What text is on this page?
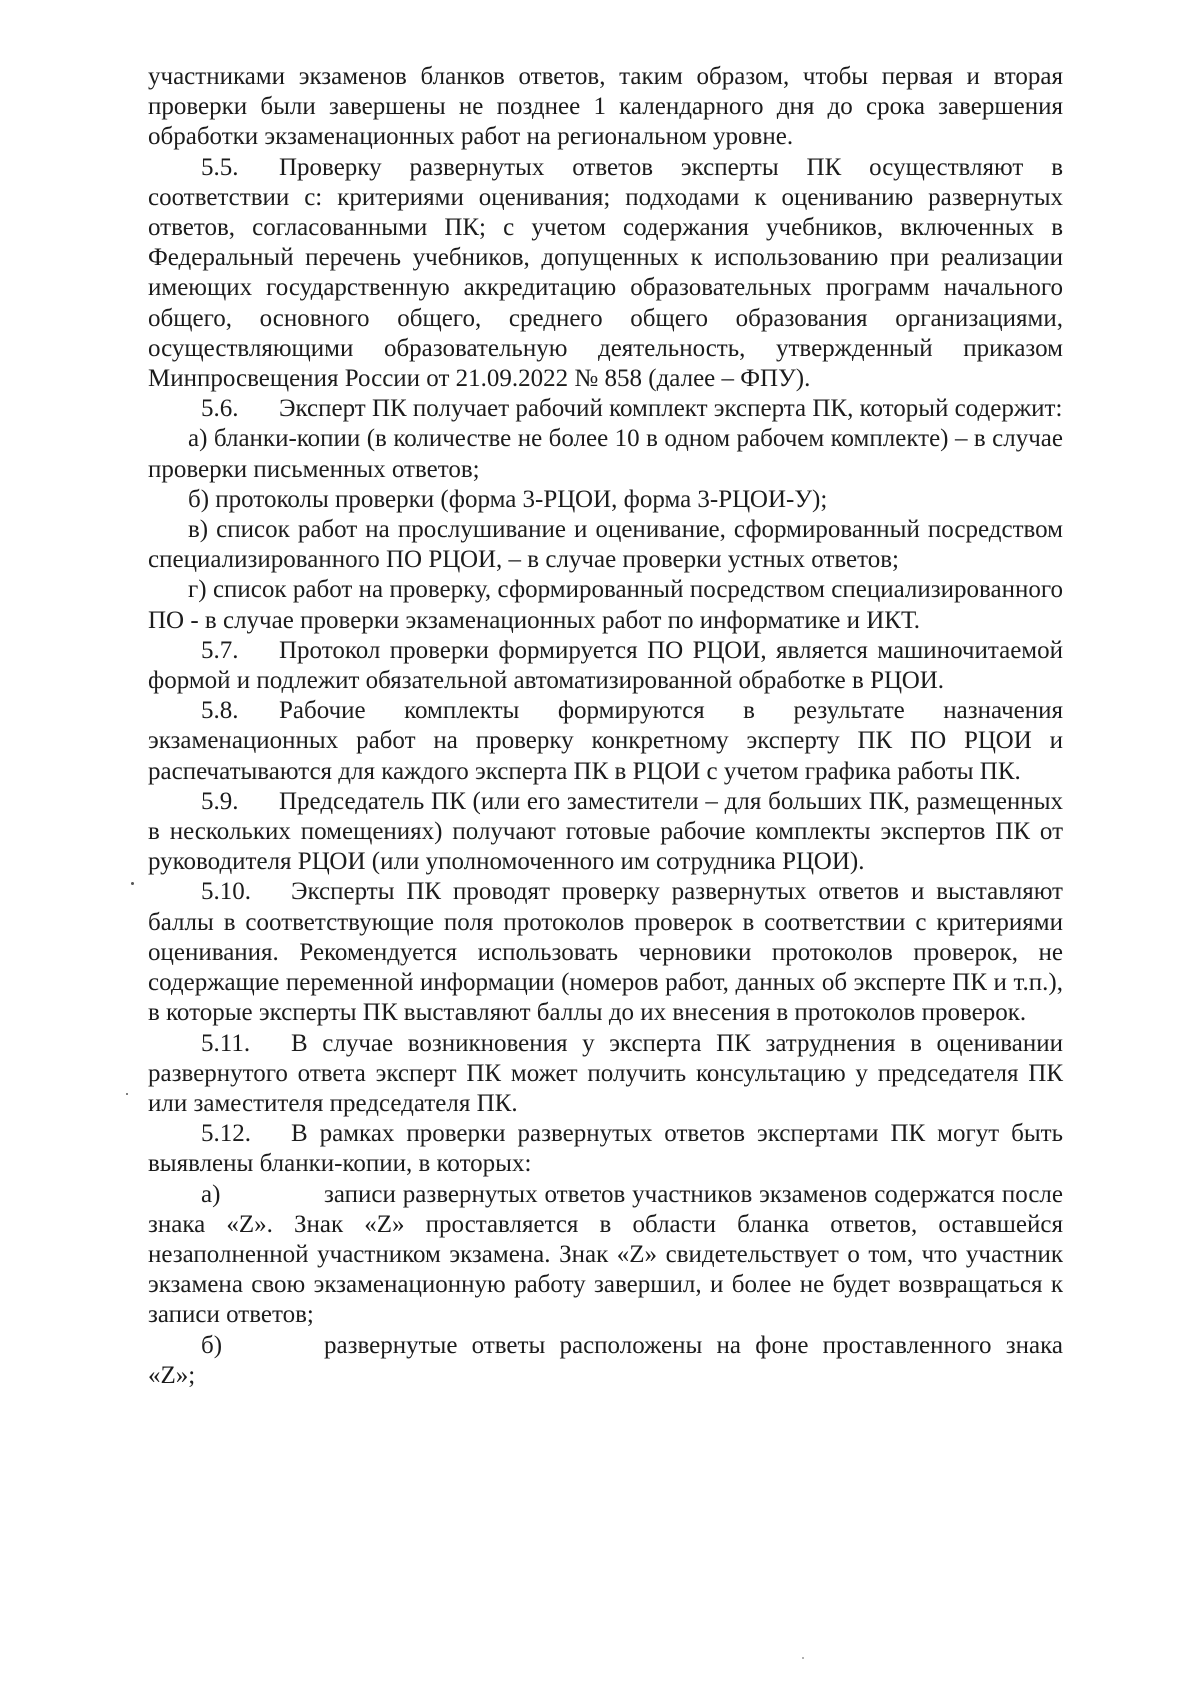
участниками экзаменов бланков ответов, таким образом, чтобы первая и вторая проверки были завершены не позднее 1 календарного дня до срока завершения обработки экзаменационных работ на региональном уровне.

5.5. Проверку развернутых ответов эксперты ПК осуществляют в соответствии с: критериями оценивания; подходами к оцениванию развернутых ответов, согласованными ПК; с учетом содержания учебников, включенных в Федеральный перечень учебников, допущенных к использованию при реализации имеющих государственную аккредитацию образовательных программ начального общего, основного общего, среднего общего образования организациями, осуществляющими образовательную деятельность, утвержденный приказом Минпросвещения России от 21.09.2022 № 858 (далее – ФПУ).

5.6. Эксперт ПК получает рабочий комплект эксперта ПК, который содержит:

а) бланки-копии (в количестве не более 10 в одном рабочем комплекте) – в случае проверки письменных ответов;

б) протоколы проверки (форма 3-РЦОИ, форма 3-РЦОИ-У);

в) список работ на прослушивание и оценивание, сформированный посредством специализированного ПО РЦОИ, – в случае проверки устных ответов;

г) список работ на проверку, сформированный посредством специализированного ПО - в случае проверки экзаменационных работ по информатике и ИКТ.

5.7. Протокол проверки формируется ПО РЦОИ, является машиночитаемой формой и подлежит обязательной автоматизированной обработке в РЦОИ.

5.8. Рабочие комплекты формируются в результате назначения экзаменационных работ на проверку конкретному эксперту ПК ПО РЦОИ и распечатываются для каждого эксперта ПК в РЦОИ с учетом графика работы ПК.

5.9. Председатель ПК (или его заместители – для больших ПК, размещенных в нескольких помещениях) получают готовые рабочие комплекты экспертов ПК от руководителя РЦОИ (или уполномоченного им сотрудника РЦОИ).

5.10. Эксперты ПК проводят проверку развернутых ответов и выставляют баллы в соответствующие поля протоколов проверок в соответствии с критериями оценивания. Рекомендуется использовать черновики протоколов проверок, не содержащие переменной информации (номеров работ, данных об эксперте ПК и т.п.), в которые эксперты ПК выставляют баллы до их внесения в протоколов проверок.

5.11. В случае возникновения у эксперта ПК затруднения в оценивании развернутого ответа эксперт ПК может получить консультацию у председателя ПК или заместителя председателя ПК.

5.12. В рамках проверки развернутых ответов экспертами ПК могут быть выявлены бланки-копии, в которых:

а)	записи развернутых ответов участников экзаменов содержатся после знака «Z». Знак «Z» проставляется в области бланка ответов, оставшейся незаполненной участником экзамена. Знак «Z» свидетельствует о том, что участник экзамена свою экзаменационную работу завершил, и более не будет возвращаться к записи ответов;

б)	развернутые ответы расположены на фоне проставленного знака «Z»;
